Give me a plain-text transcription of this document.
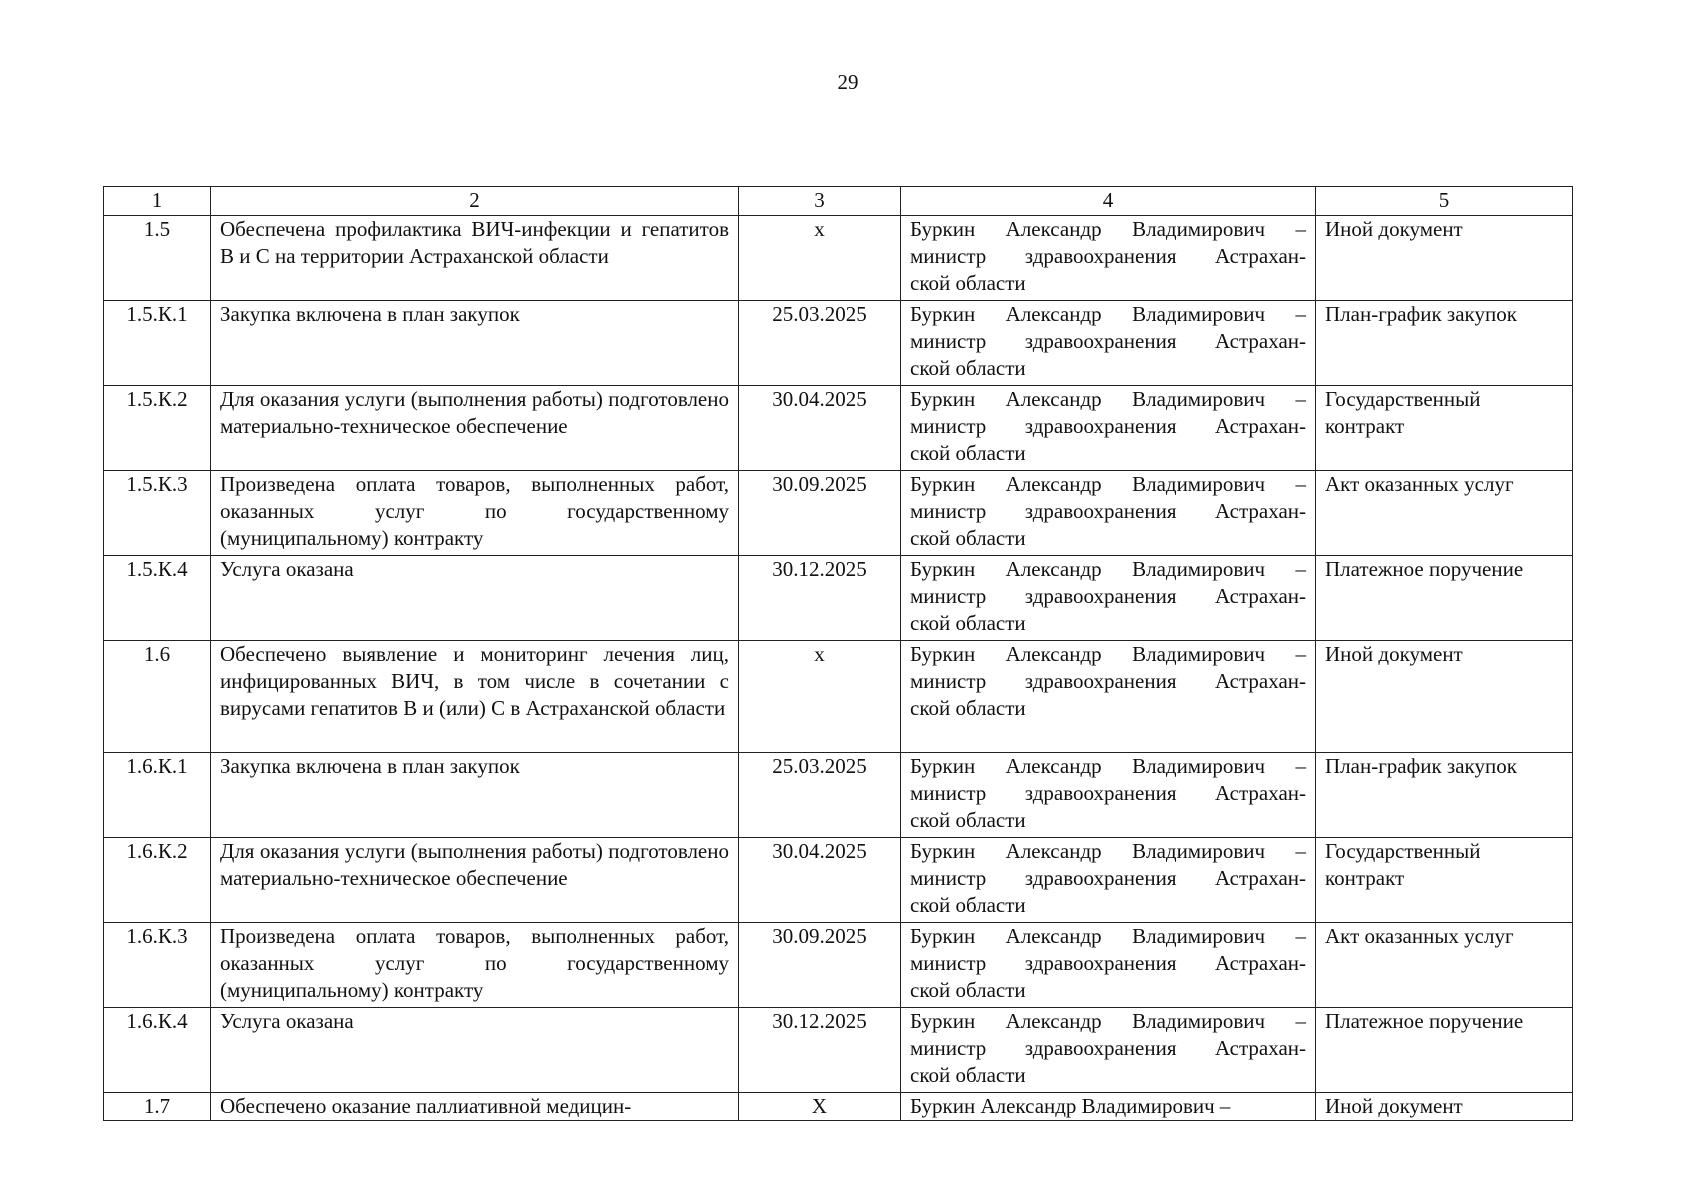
29
1	2	3	4	5
1.5	Обеспечена профилактика ВИЧ-инфекции и гепатитов В и С на территории Астраханской области	х	Буркин Александр Владимирович –
министр здравоохранения Астрахан-
ской области	Иной документ
1.5.К.1	Закупка включена в план закупок	25.03.2025	Буркин Александр Владимирович –
министр здравоохранения Астрахан-
ской области	План-график закупок
1.5.К.2	Для оказания услуги (выполнения работы) подготовлено материально-техническое обеспечение	30.04.2025	Буркин Александр Владимирович –
министр здравоохранения Астрахан-
ской области	Государственный контракт
1.5.К.3	Произведена оплата товаров, выполненных работ, оказанных услуг по государственному (муниципальному) контракту	30.09.2025	Буркин Александр Владимирович –
министр здравоохранения Астрахан-
ской области	Акт оказанных услуг
1.5.К.4	Услуга оказана	30.12.2025	Буркин Александр Владимирович –
министр здравоохранения Астрахан-
ской области	Платежное поручение
1.6	Обеспечено выявление и мониторинг лечения лиц, инфицированных ВИЧ, в том числе в сочетании с вирусами гепатитов В и (или) С в Астраханской области	х	Буркин Александр Владимирович –
министр здравоохранения Астрахан-
ской области	Иной документ
1.6.К.1	Закупка включена в план закупок	25.03.2025	Буркин Александр Владимирович –
министр здравоохранения Астрахан-
ской области	План-график закупок
1.6.К.2	Для оказания услуги (выполнения работы) подготовлено материально-техническое обеспечение	30.04.2025	Буркин Александр Владимирович –
министр здравоохранения Астрахан-
ской области	Государственный контракт
1.6.К.3	Произведена оплата товаров, выполненных работ, оказанных услуг по государственному (муниципальному) контракту	30.09.2025	Буркин Александр Владимирович –
министр здравоохранения Астрахан-
ской области	Акт оказанных услуг
1.6.К.4	Услуга оказана	30.12.2025	Буркин Александр Владимирович –
министр здравоохранения Астрахан-
ской области	Платежное поручение
1.7	Обеспечено оказание паллиативной медицин-	Х	Буркин Александр Владимирович –	Иной документ
